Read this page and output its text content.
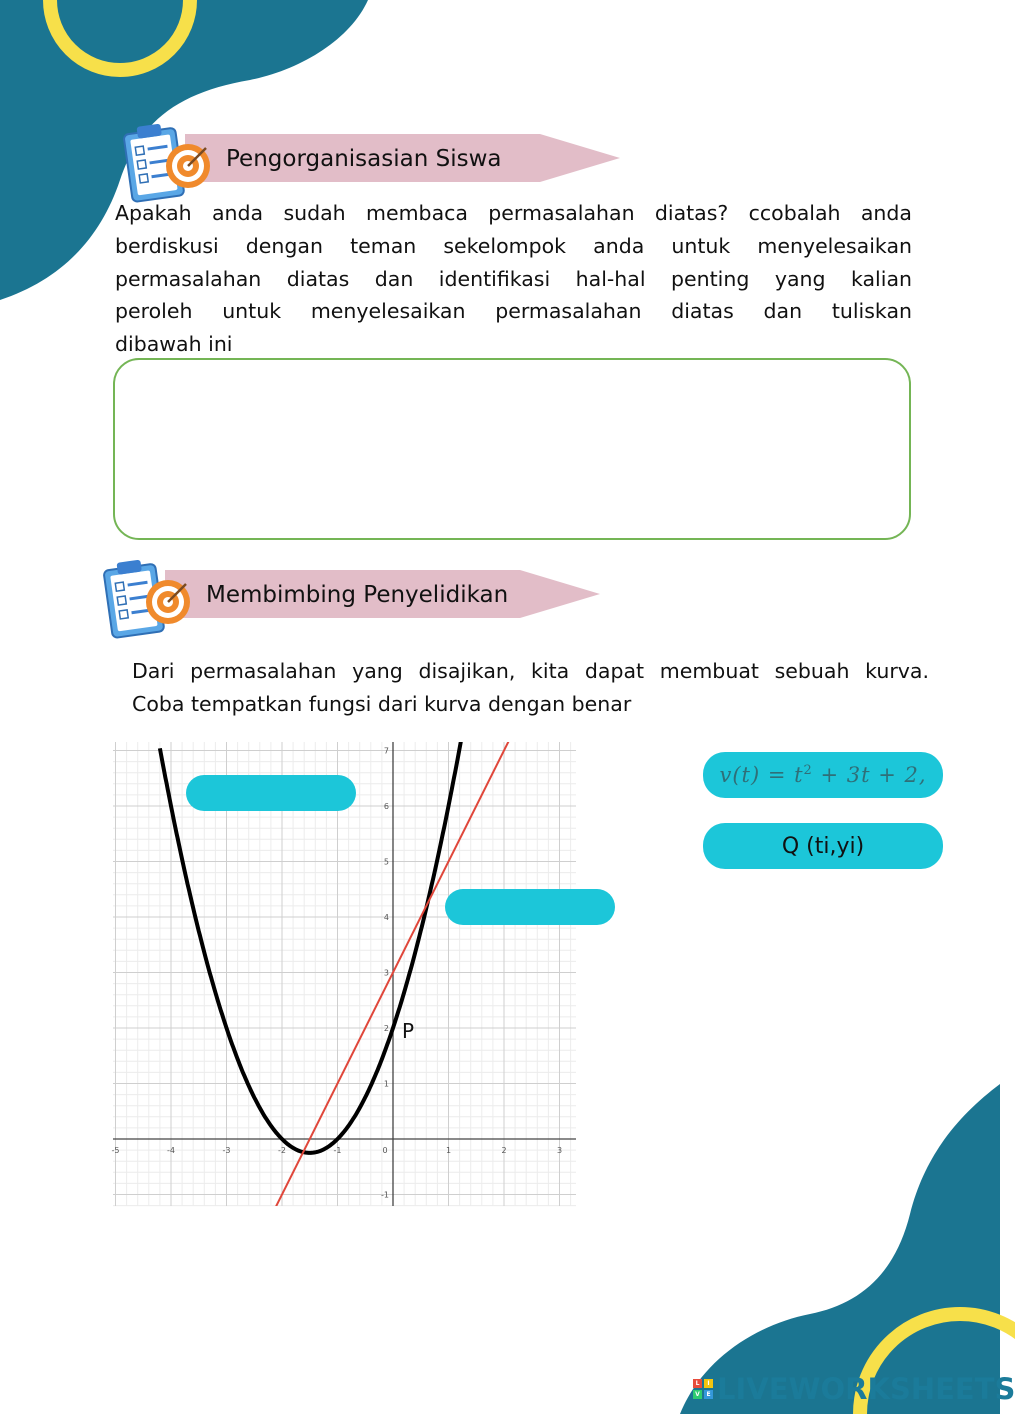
Pengorganisasian Siswa
Apakah anda sudah membaca permasalahan diatas? ccobalah anda
berdiskusi dengan teman sekelompok anda untuk menyelesaikan
permasalahan diatas dan identifikasi hal-hal penting yang kalian
peroleh untuk menyelesaikan permasalahan diatas dan tuliskan
dibawah ini
Membimbing Penyelidikan
Dari permasalahan yang disajikan, kita dapat membuat sebuah kurva.
Coba tempatkan fungsi dari kurva dengan benar
-5	-4	-3	-2	-1	0	1	2	3
-1
1
2
3
4
5
6
7
P
$v(t) = t^2 + 3t + 2$,
Q (ti,yi)
L	I
V	E LIVEWORKSHEETS
